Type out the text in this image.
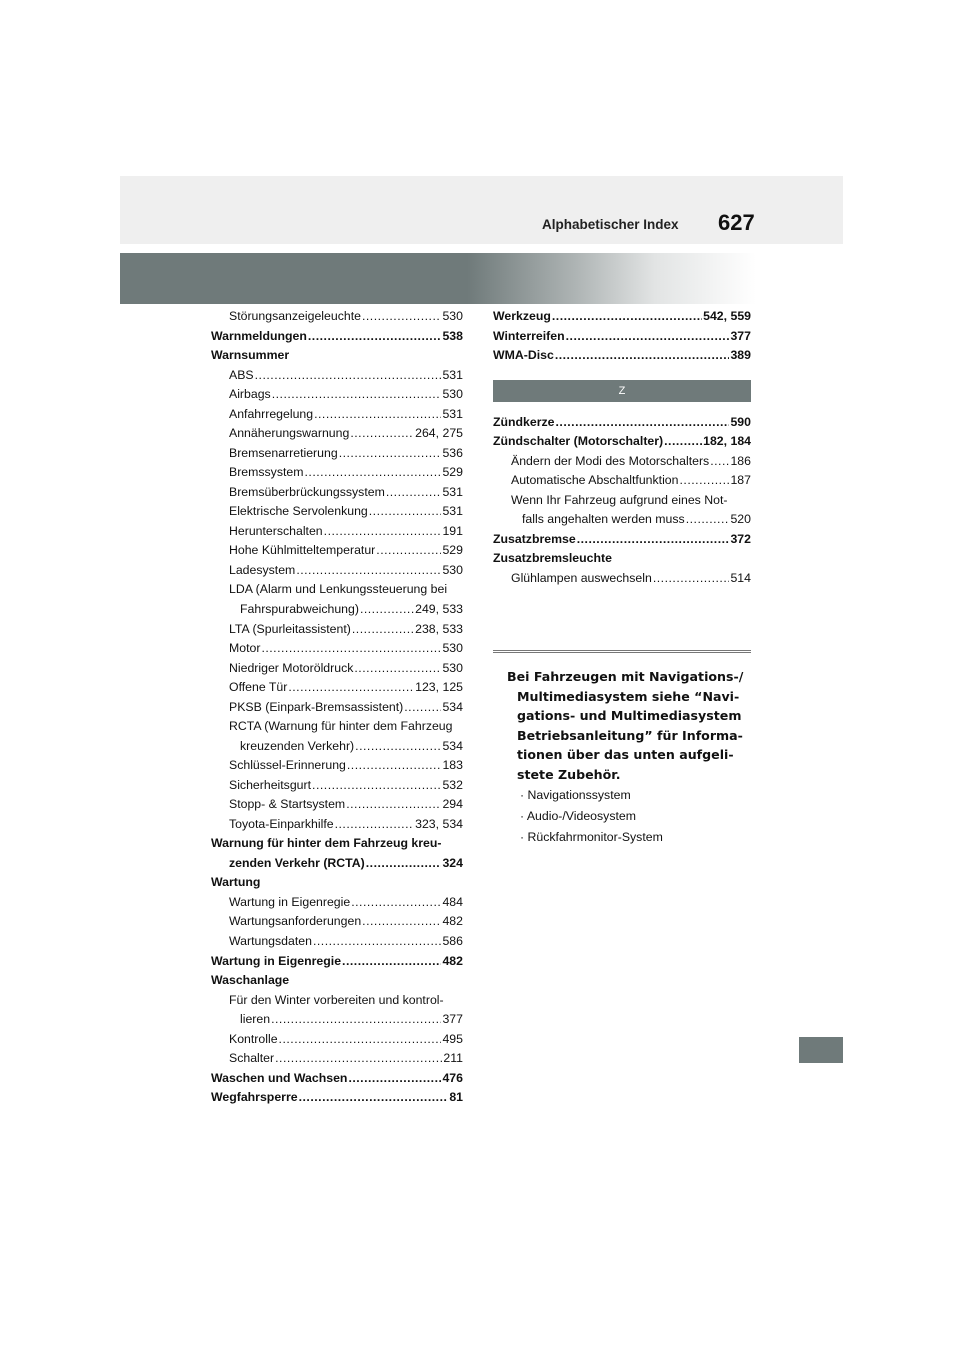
Alphabetischer Index 627
Störungsanzeigeleuchte .....	530
Warnmeldungen .....	538
Warnsummer
ABS .....	531
Airbags .....	530
Anfahrregelung .....	531
Annäherungswarnung .....	264, 275
Bremsenarretierung .....	536
Bremssystem .....	529
Bremsüberbrückungssystem .....	531
Elektrische Servolenkung .....	531
Herunterschalten .....	191
Hohe Kühlmitteltemperatur .....	529
Ladesystem .....	530
LDA (Alarm und Lenkungssteuerung bei
Fahrspurabweichung) .....	249, 533
LTA (Spurleitassistent) .....	238, 533
Motor .....	530
Niedriger Motoröldruck .....	530
Offene Tür .....	123, 125
PKSB (Einpark-Bremsassistent) .....	534
RCTA (Warnung für hinter dem Fahrzeug
kreuzenden Verkehr) .....	534
Schlüssel-Erinnerung .....	183
Sicherheitsgurt .....	532
Stopp- & Startsystem .....	294
Toyota-Einparkhilfe .....	323, 534
Warnung für hinter dem Fahrzeug kreu-
zenden Verkehr (RCTA) .....	324
Wartung
Wartung in Eigenregie .....	484
Wartungsanforderungen .....	482
Wartungsdaten .....	586
Wartung in Eigenregie .....	482
Waschanlage
Für den Winter vorbereiten und kontrol-
lieren .....	377
Kontrolle .....	495
Schalter .....	211
Waschen und Wachsen .....	476
Wegfahrsperre .....	81
Werkzeug .....	542, 559
Winterreifen .....	377
WMA-Disc .....	389
Z
Zündkerze .....	590
Zündschalter (Motorschalter) .....	182, 184
Ändern der Modi des Motorschalters ..... 186
Automatische Abschaltfunktion .....	187
Wenn Ihr Fahrzeug aufgrund eines Not-
falls angehalten werden muss .....	520
Zusatzbremse .....	372
Zusatzbremsleuchte
Glühlampen auswechseln .....	514
Bei Fahrzeugen mit Navigations-/
Multimediasystem siehe “Navi-
gations- und Multimediasystem
Betriebsanleitung” für Informa-
tionen über das unten aufgeli-
stete Zubehör.
· Navigationssystem
· Audio-/Videosystem
· Rückfahrmonitor-System
